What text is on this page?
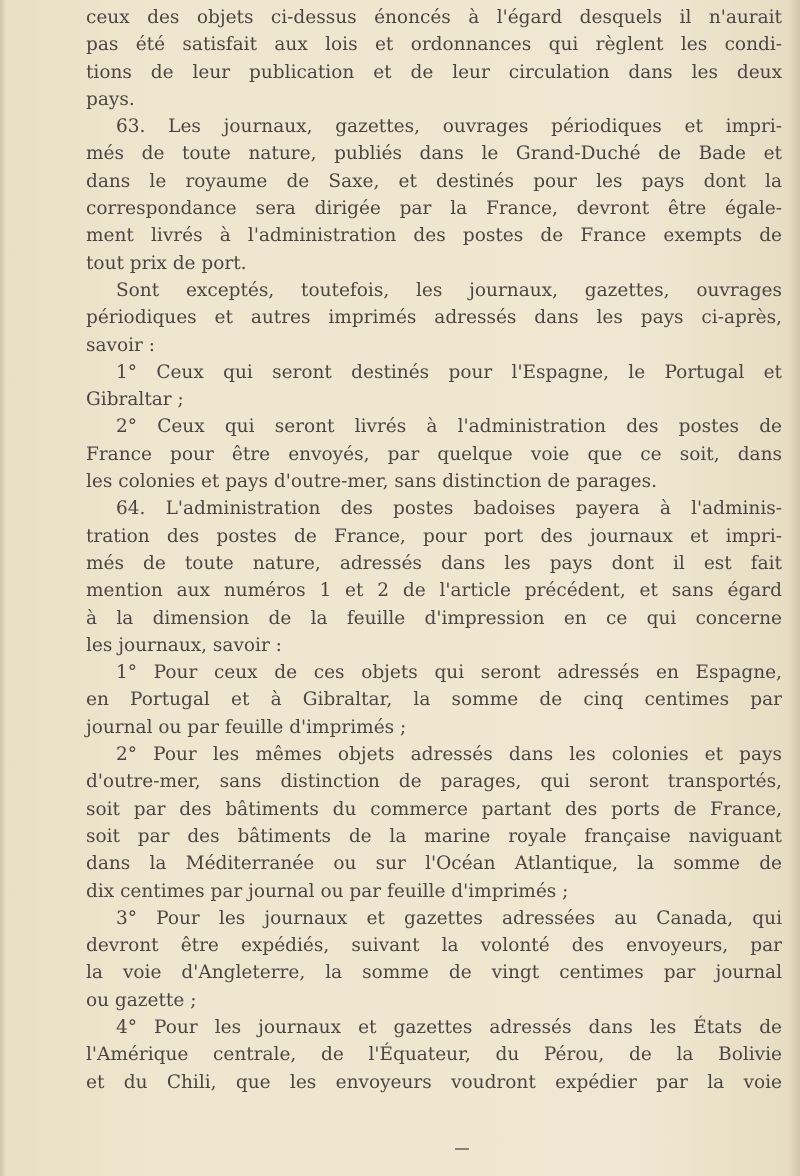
ceux des objets ci-dessus énoncés à l'égard desquels il n'aurait
pas été satisfait aux lois et ordonnances qui règlent les condi-
tions de leur publication et de leur circulation dans les deux
pays.
63. Les journaux, gazettes, ouvrages périodiques et impri-
més de toute nature, publiés dans le Grand-Duché de Bade et
dans le royaume de Saxe, et destinés pour les pays dont la
correspondance sera dirigée par la France, devront être égale-
ment livrés à l'administration des postes de France exempts de
tout prix de port.
Sont exceptés, toutefois, les journaux, gazettes, ouvrages
périodiques et autres imprimés adressés dans les pays ci-après,
savoir :
1° Ceux qui seront destinés pour l'Espagne, le Portugal et
Gibraltar ;
2° Ceux qui seront livrés à l'administration des postes de
France pour être envoyés, par quelque voie que ce soit, dans
les colonies et pays d'outre-mer, sans distinction de parages.
64. L'administration des postes badoises payera à l'adminis-
tration des postes de France, pour port des journaux et impri-
més de toute nature, adressés dans les pays dont il est fait
mention aux numéros 1 et 2 de l'article précédent, et sans égard
à la dimension de la feuille d'impression en ce qui concerne
les journaux, savoir :
1° Pour ceux de ces objets qui seront adressés en Espagne,
en Portugal et à Gibraltar, la somme de cinq centimes par
journal ou par feuille d'imprimés ;
2° Pour les mêmes objets adressés dans les colonies et pays
d'outre-mer, sans distinction de parages, qui seront transportés,
soit par des bâtiments du commerce partant des ports de France,
soit par des bâtiments de la marine royale française naviguant
dans la Méditerranée ou sur l'Océan Atlantique, la somme de
dix centimes par journal ou par feuille d'imprimés ;
3° Pour les journaux et gazettes adressées au Canada, qui
devront être expédiés, suivant la volonté des envoyeurs, par
la voie d'Angleterre, la somme de vingt centimes par journal
ou gazette ;
4° Pour les journaux et gazettes adressés dans les États de
l'Amérique centrale, de l'Équateur, du Pérou, de la Bolivie
et du Chili, que les envoyeurs voudront expédier par la voie
